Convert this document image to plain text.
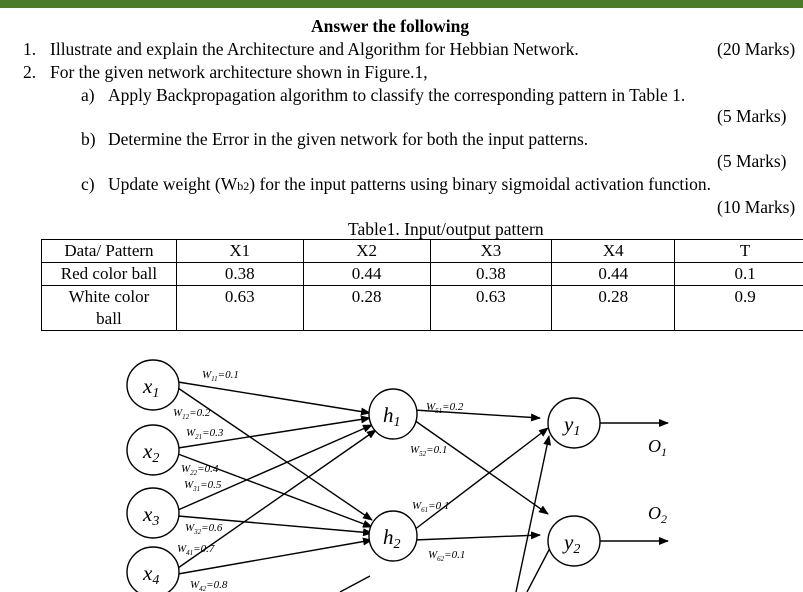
Answer the following
1. Illustrate and explain the Architecture and Algorithm for Hebbian Network.	(20 Marks)
2. For the given network architecture shown in Figure.1,
a) Apply Backpropagation algorithm to classify the corresponding pattern in Table 1.
(5 Marks)
b) Determine the Error in the given network for both the input patterns.
(5 Marks)
c) Update weight (Wb2) for the input patterns using binary sigmoidal activation function.
(10 Marks)
Table1. Input/output pattern
Data/ Pattern	X1	X2	X3	X4	T
Red color ball	0.38	0.44	0.38	0.44	0.1

White color
ball	0.63	0.28	0.63	0.28	0.9
x1
x2
x3
x4
h1
h2
y1
y2
$O_1$
$O_2$
$W_{11}=0.1$
$W_{12}=0.2$
$W_{21}=0.3$
$W_{22}=0.4$
$W_{31}=0.5$
$W_{32}=0.6$
$W_{41}=0.7$
$W_{42}=0.8$
$W_{51}=0.2$
$W_{52}=0.1$
$W_{61}=0.1$
$W_{62}=0.1$
